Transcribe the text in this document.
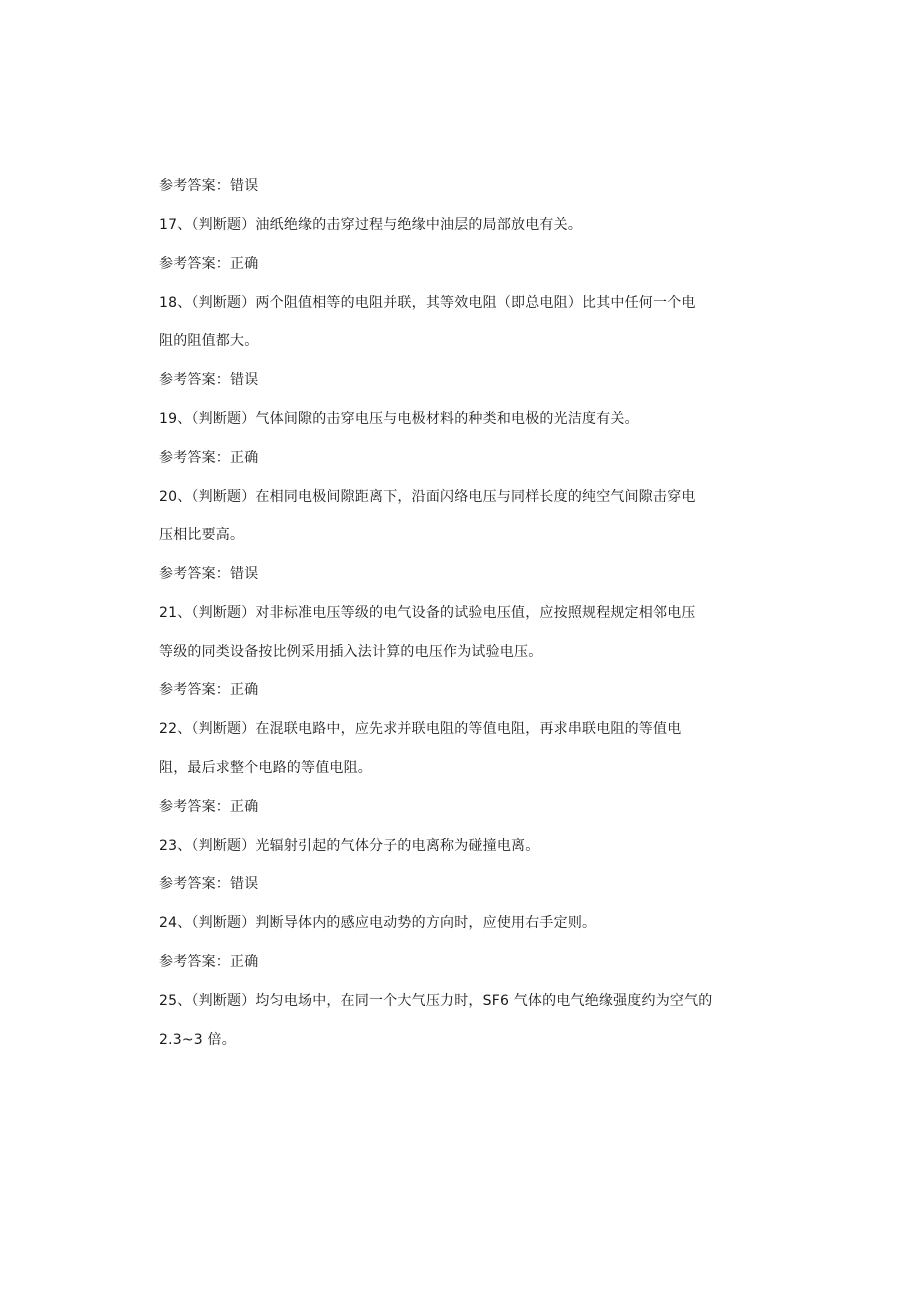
参考答案：错误
17、（判断题）油纸绝缘的击穿过程与绝缘中油层的局部放电有关。
参考答案：正确
18、（判断题）两个阻值相等的电阻并联，其等效电阻（即总电阻）比其中任何一个电
阻的阻值都大。
参考答案：错误
19、（判断题）气体间隙的击穿电压与电极材料的种类和电极的光洁度有关。
参考答案：正确
20、（判断题）在相同电极间隙距离下，沿面闪络电压与同样长度的纯空气间隙击穿电
压相比要高。
参考答案：错误
21、（判断题）对非标准电压等级的电气设备的试验电压值，应按照规程规定相邻电压
等级的同类设备按比例采用插入法计算的电压作为试验电压。
参考答案：正确
22、（判断题）在混联电路中，应先求并联电阻的等值电阻，再求串联电阻的等值电
阻，最后求整个电路的等值电阻。
参考答案：正确
23、（判断题）光辐射引起的气体分子的电离称为碰撞电离。
参考答案：错误
24、（判断题）判断导体内的感应电动势的方向时，应使用右手定则。
参考答案：正确
25、（判断题）均匀电场中，在同一个大气压力时，SF6 气体的电气绝缘强度约为空气的
2.3~3 倍。
